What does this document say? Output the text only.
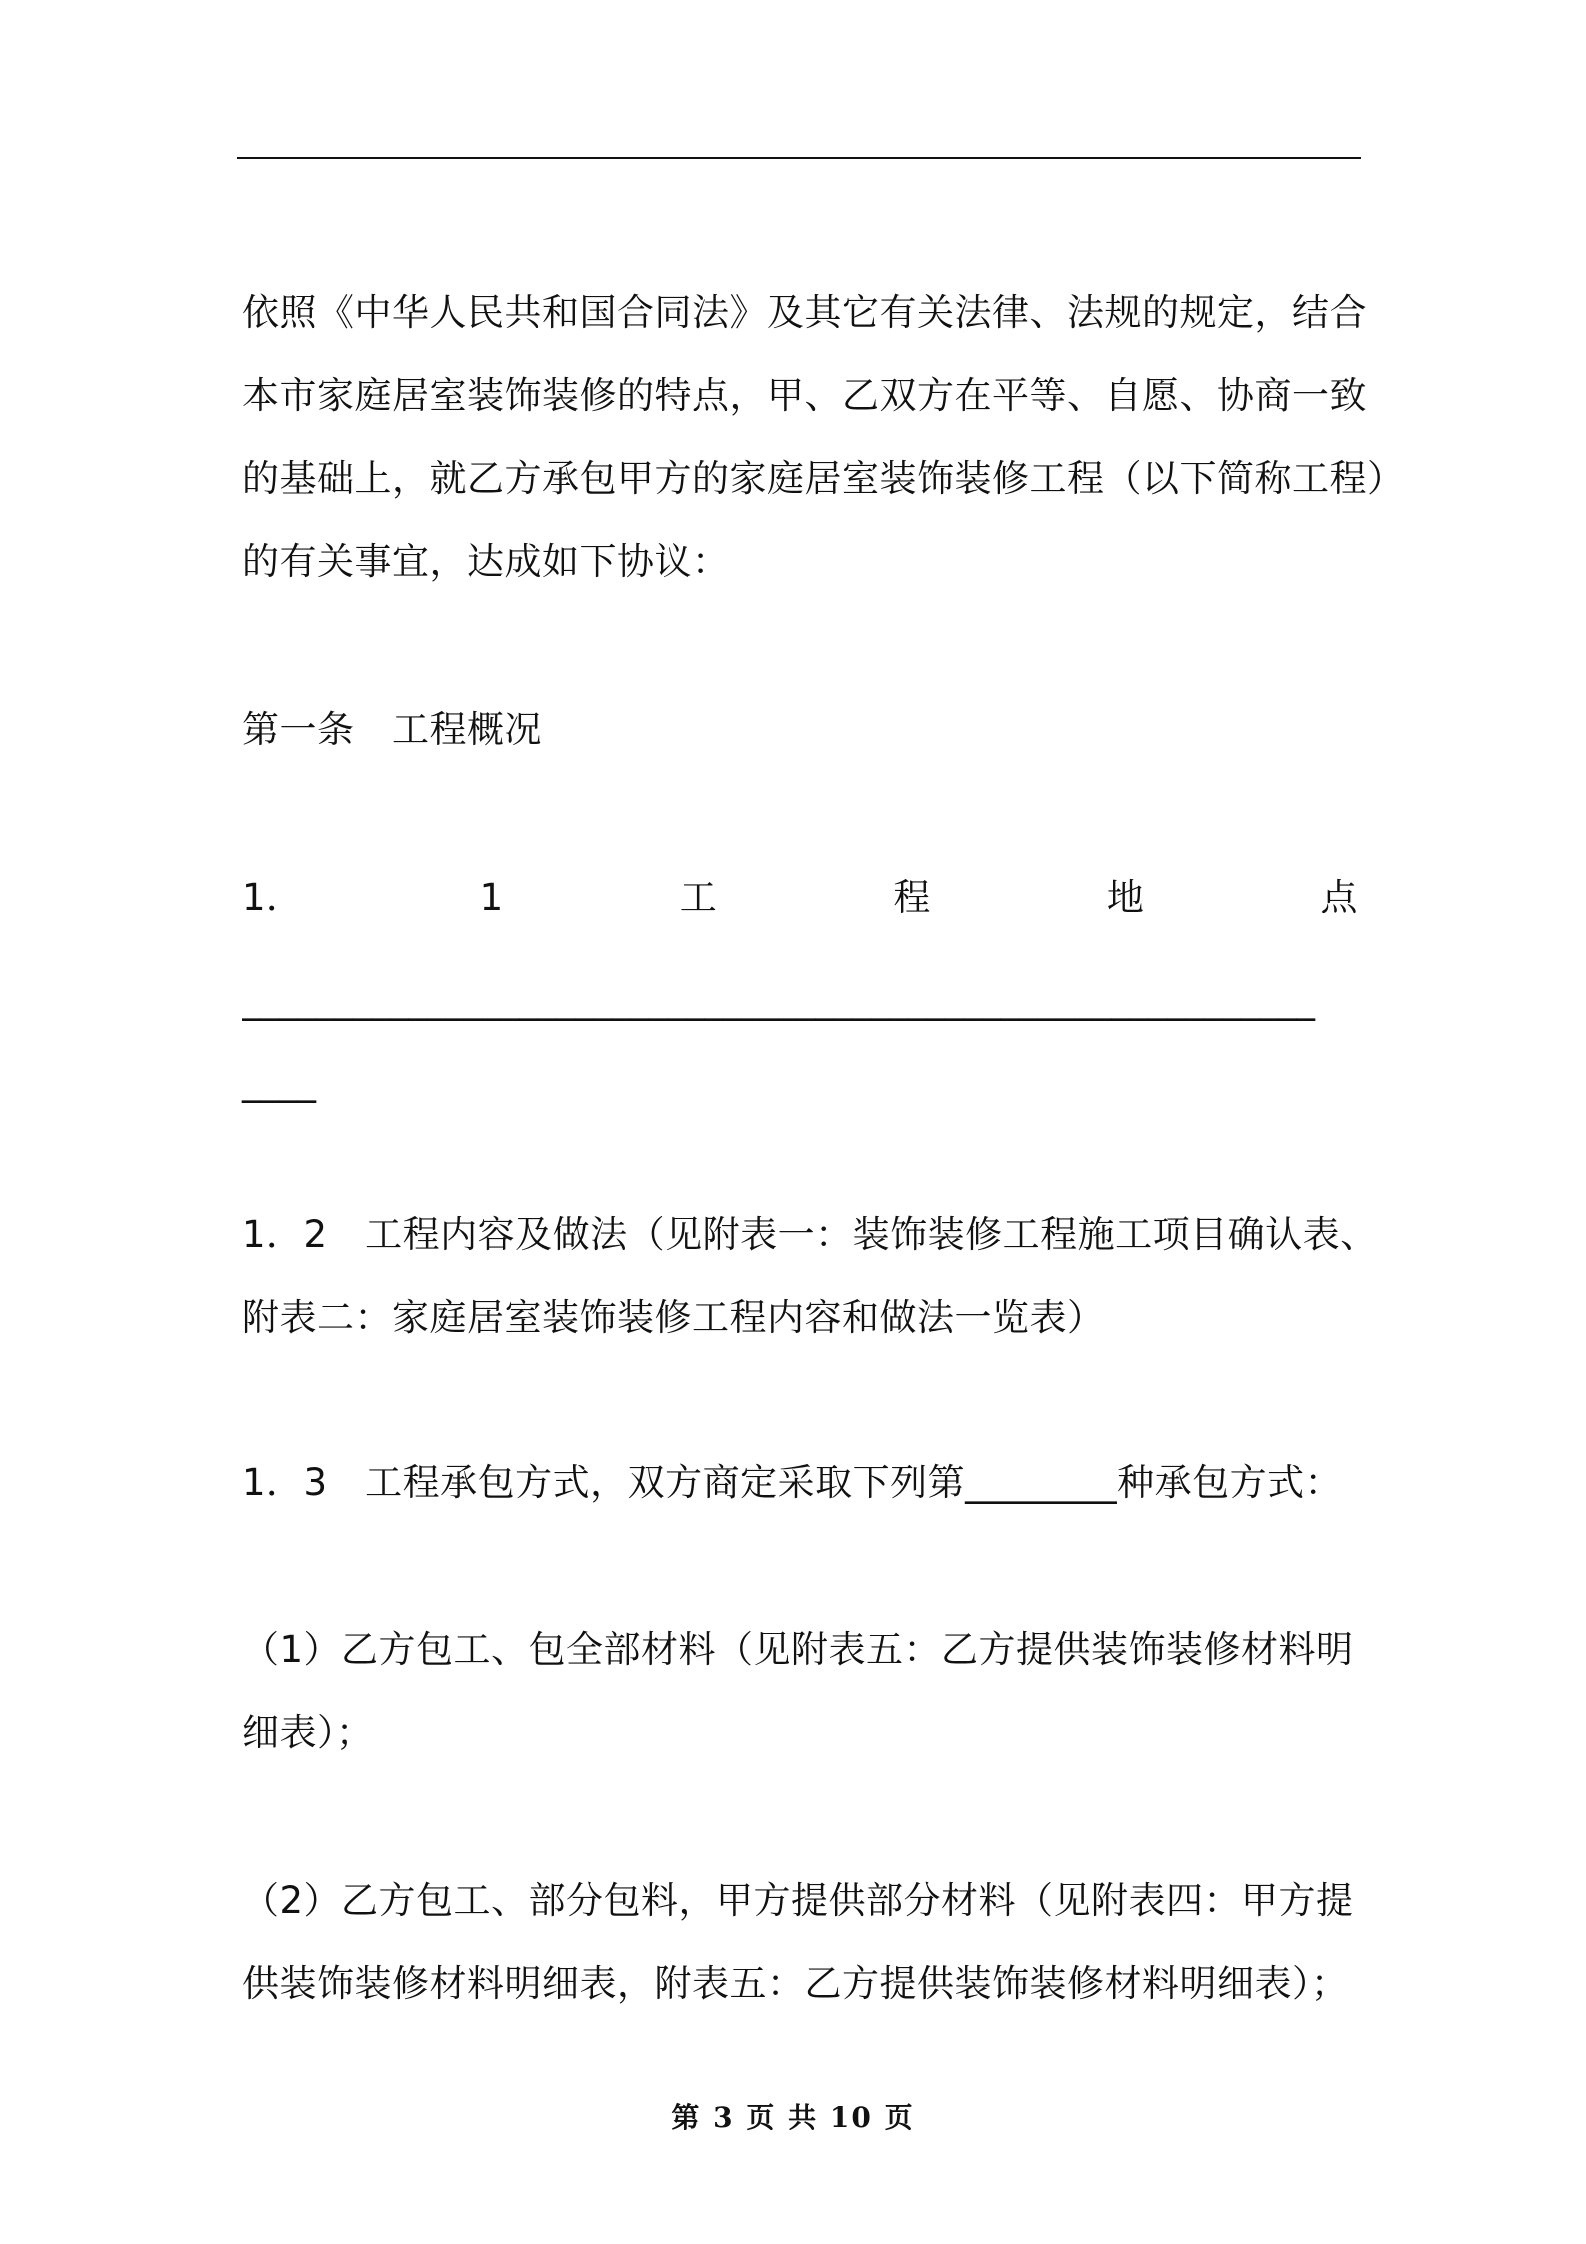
依照《中华人民共和国合同法》及其它有关法律、法规的规定，结合
本市家庭居室装饰装修的特点，甲、乙双方在平等、自愿、协商一致
的基础上，就乙方承包甲方的家庭居室装饰装修工程（以下简称工程）
的有关事宜，达成如下协议：
第一条　工程概况
1．	1	工	程	地	点
__________________________________________________________
____
1．2　工程内容及做法（见附表一：装饰装修工程施工项目确认表、
附表二：家庭居室装饰装修工程内容和做法一览表）
1．3　工程承包方式，双方商定采取下列第________种承包方式：
（1）乙方包工、包全部材料（见附表五：乙方提供装饰装修材料明
细表）；
（2）乙方包工、部分包料，甲方提供部分材料（见附表四：甲方提
供装饰装修材料明细表，附表五：乙方提供装饰装修材料明细表）；
第 3 页 共 10 页
